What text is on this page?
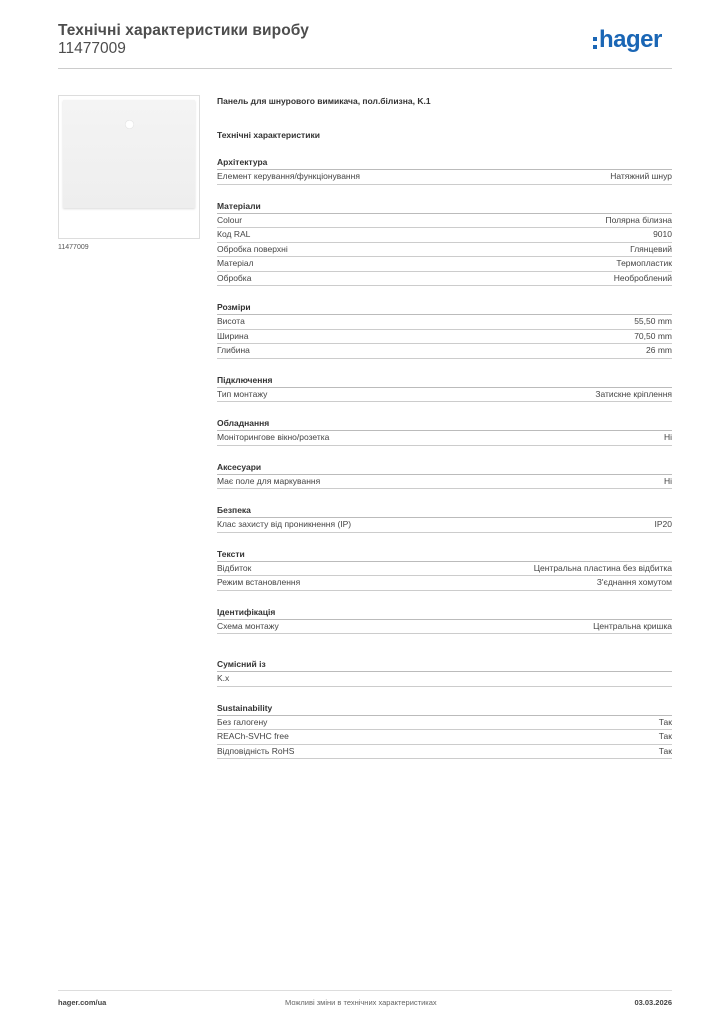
Технічні характеристики виробу
11477009	hager
11477009
Панель для шнурового вимикача, пол.білизна, K.1
Технічні характеристики
Архітектура
Елемент керування/функціонування	Натяжний шнур
Матеріали
Colour	Полярна білизна
Код RAL	9010
Обробка поверхні	Глянцевий
Матеріал	Термопластик
Обробка	Необроблений
Розміри
Висота	55,50 mm
Ширина	70,50 mm
Глибина	26 mm
Підключення
Тип монтажу	Затискне кріплення
Обладнання
Моніторингове вікно/розетка	Ні
Аксесуари
Має поле для маркування	Ні
Безпека
Клас захисту від проникнення (IP)	IP20
Тексти
Відбиток	Центральна пластина без відбитка
Режим встановлення	З'єднання хомутом
Ідентифікація
Схема монтажу	Центральна кришка
Сумісний із
K.x
Sustainability
Без галогену	Так
REACh-SVHC free	Так
Відповідність RoHS	Так
hager.com/ua	Можливі зміни в технічних характеристиках	03.03.2026
